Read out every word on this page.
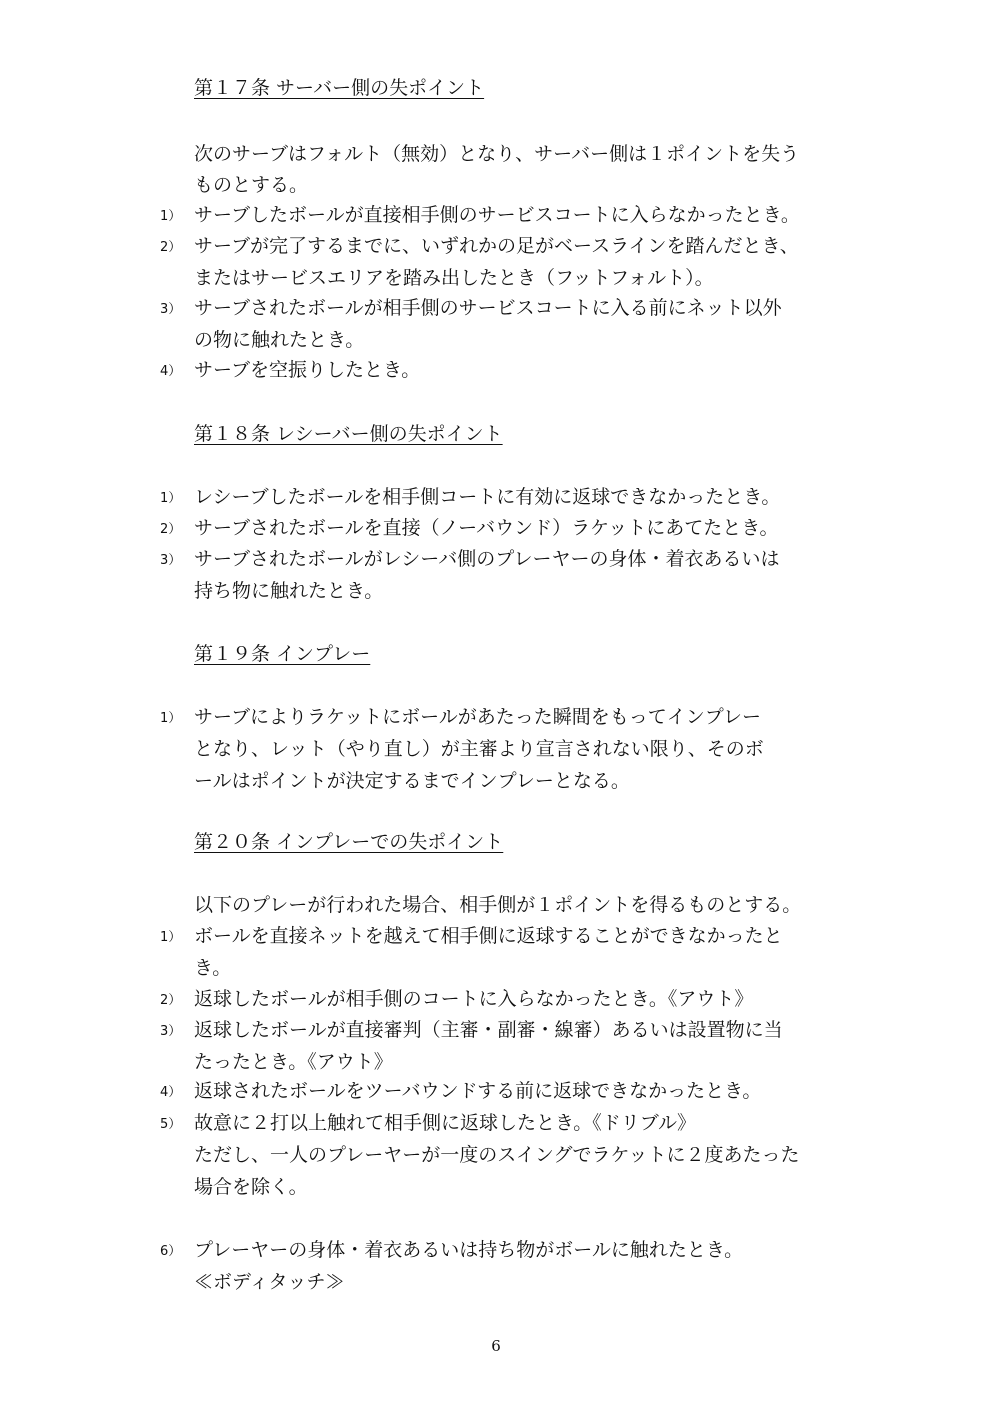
第１７条 サーバー側の失ポイント
次のサーブはフォルト（無効）となり、サーバー側は１ポイントを失う
ものとする。
1） サーブしたボールが直接相手側のサービスコートに入らなかったとき。
2） サーブが完了するまでに、いずれかの足がベースラインを踏んだとき、
またはサービスエリアを踏み出したとき（フットフォルト）。
3） サーブされたボールが相手側のサービスコートに入る前にネット以外
の物に触れたとき。
4） サーブを空振りしたとき。
第１８条 レシーバー側の失ポイント
1） レシーブしたボールを相手側コートに有効に返球できなかったとき。
2） サーブされたボールを直接（ノーバウンド）ラケットにあてたとき。
3） サーブされたボールがレシーバ側のプレーヤーの身体・着衣あるいは
持ち物に触れたとき。
第１９条 インプレー
1） サーブによりラケットにボールがあたった瞬間をもってインプレー
となり、レット（やり直し）が主審より宣言されない限り、そのボ
ールはポイントが決定するまでインプレーとなる。
第２０条 インプレーでの失ポイント
以下のプレーが行われた場合、相手側が１ポイントを得るものとする。
1） ボールを直接ネットを越えて相手側に返球することができなかったと
き。
2） 返球したボールが相手側のコートに入らなかったとき。《アウト》
3） 返球したボールが直接審判（主審・副審・線審）あるいは設置物に当
たったとき。《アウト》
4） 返球されたボールをツーバウンドする前に返球できなかったとき。
5） 故意に２打以上触れて相手側に返球したとき。《ドリブル》
ただし、一人のプレーヤーが一度のスイングでラケットに２度あたった
場合を除く。
6） プレーヤーの身体・着衣あるいは持ち物がボールに触れたとき。
≪ボディタッチ≫
6
